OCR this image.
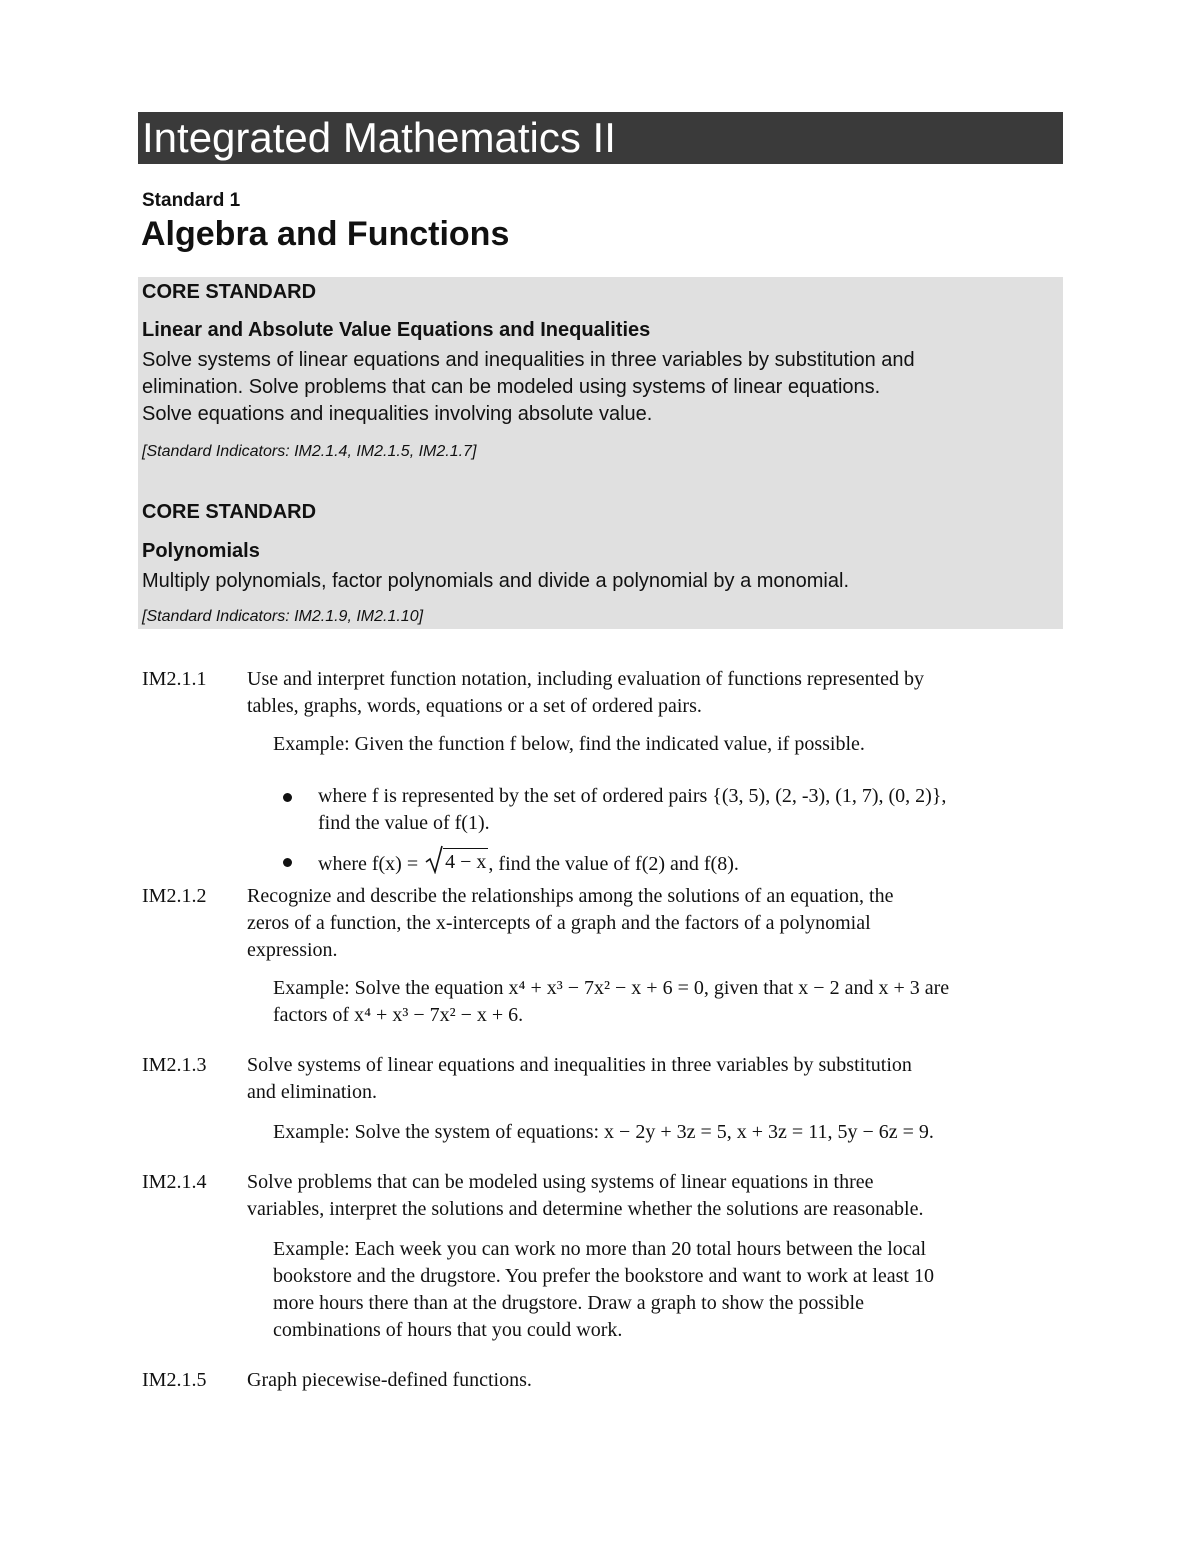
Integrated Mathematics II
Standard 1
Algebra and Functions
CORE STANDARD
Linear and Absolute Value Equations and Inequalities
Solve systems of linear equations and inequalities in three variables by substitution and
elimination. Solve problems that can be modeled using systems of linear equations.
Solve equations and inequalities involving absolute value.
[Standard Indicators: IM2.1.4, IM2.1.5, IM2.1.7]
CORE STANDARD
Polynomials
Multiply polynomials, factor polynomials and divide a polynomial by a monomial.
[Standard Indicators: IM2.1.9, IM2.1.10]
IM2.1.1 Use and interpret function notation, including evaluation of functions represented by
tables, graphs, words, equations or a set of ordered pairs.
Example: Given the function f below, find the indicated value, if possible.
where f is represented by the set of ordered pairs {(3, 5), (2, -3), (1, 7), (0, 2)},
find the value of f(1).
where f(x) = 4 − x , find the value of f(2) and f(8).
IM2.1.2 Recognize and describe the relationships among the solutions of an equation, the
zeros of a function, the x-intercepts of a graph and the factors of a polynomial
expression.
Example: Solve the equation x⁴ + x³ − 7x² − x + 6 = 0, given that x − 2 and x + 3 are
factors of x⁴ + x³ − 7x² − x + 6.
IM2.1.3 Solve systems of linear equations and inequalities in three variables by substitution
and elimination.
Example: Solve the system of equations: x − 2y + 3z = 5, x + 3z = 11, 5y − 6z = 9.
IM2.1.4 Solve problems that can be modeled using systems of linear equations in three
variables, interpret the solutions and determine whether the solutions are reasonable.
Example: Each week you can work no more than 20 total hours between the local
bookstore and the drugstore. You prefer the bookstore and want to work at least 10
more hours there than at the drugstore. Draw a graph to show the possible
combinations of hours that you could work.
IM2.1.5 Graph piecewise-defined functions.
